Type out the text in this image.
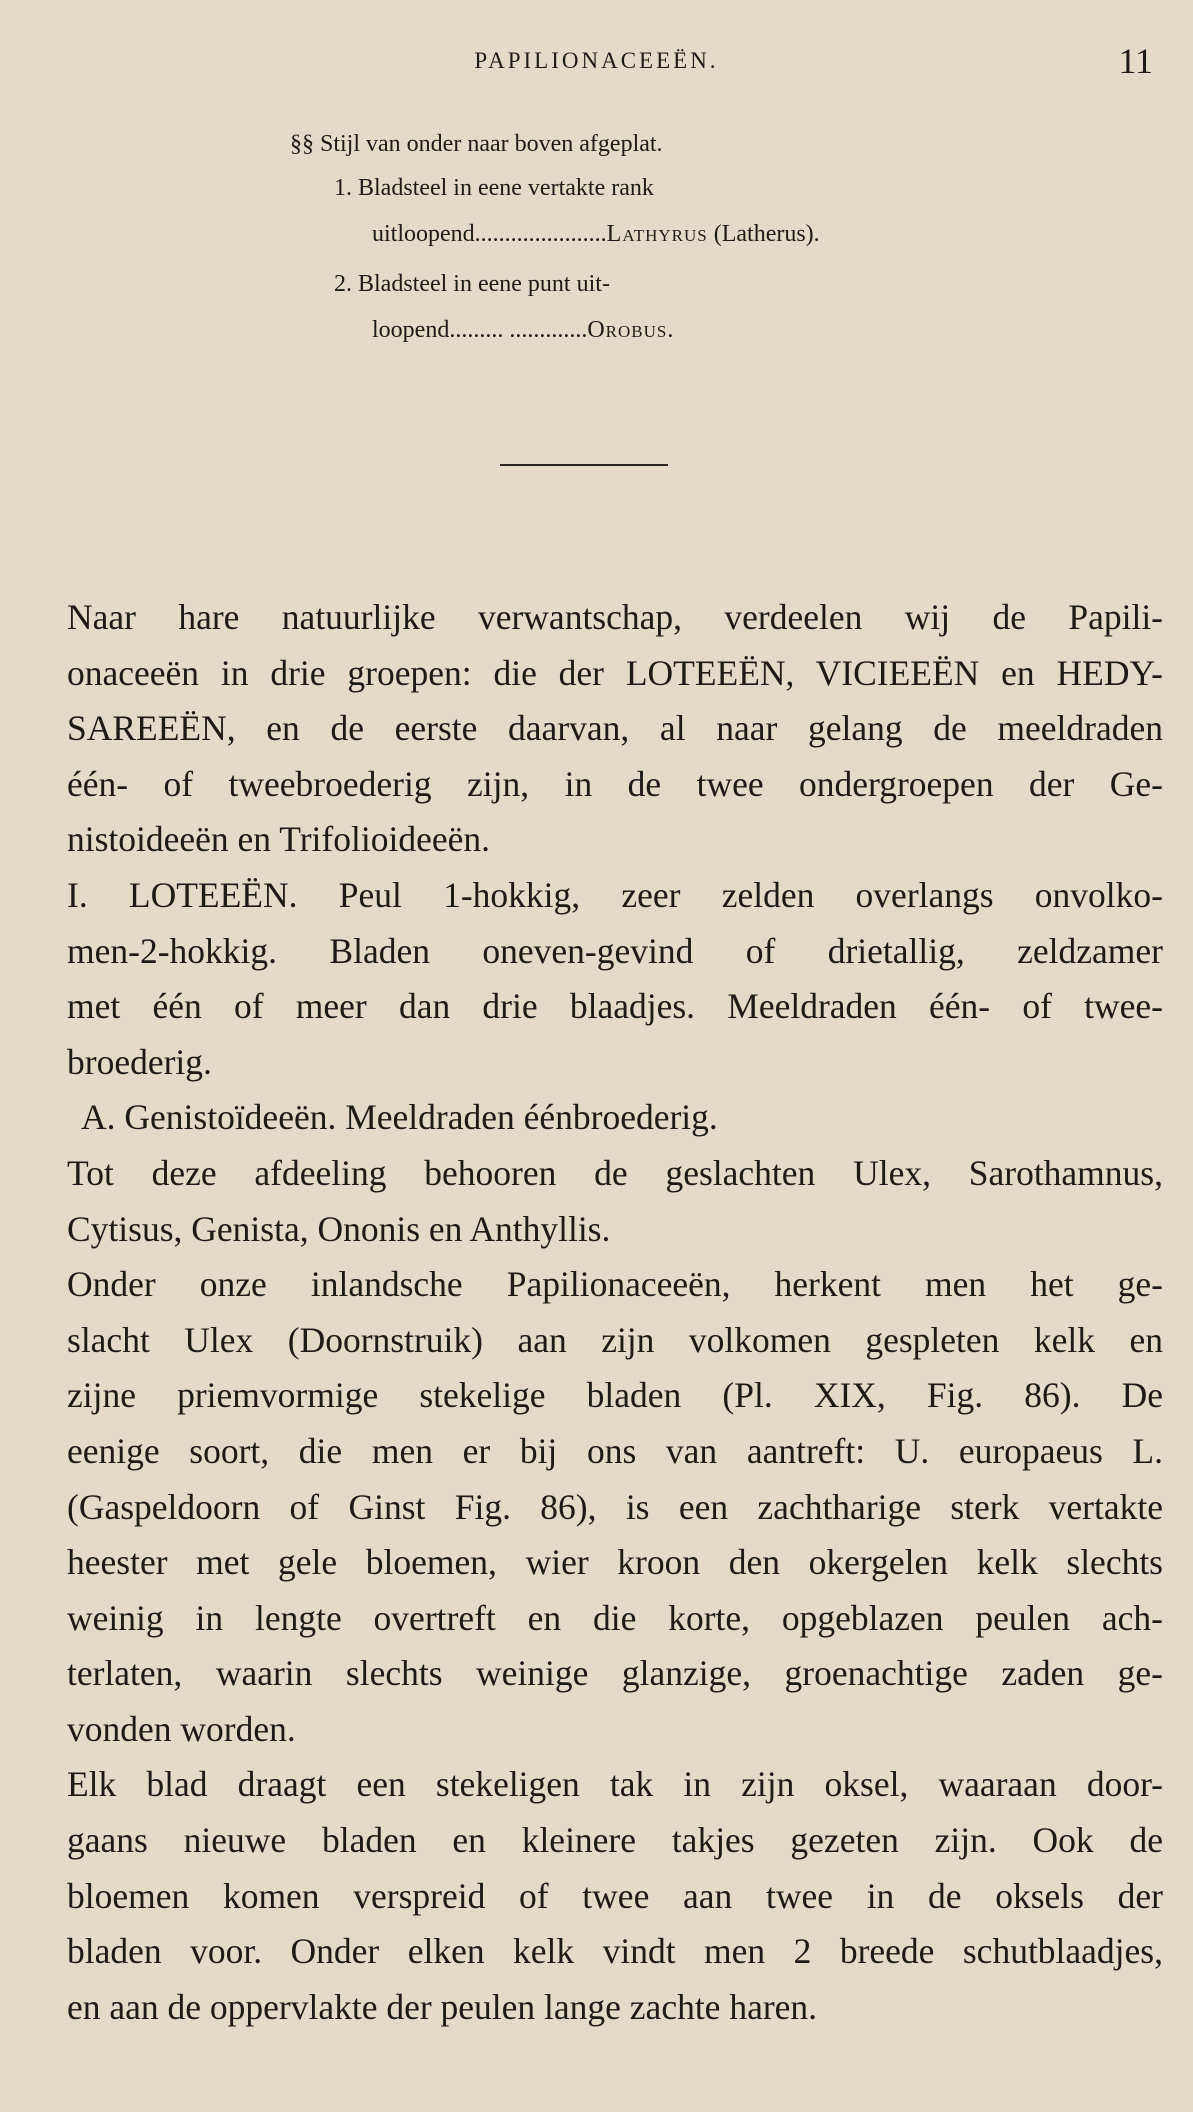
PAPILIONACEEËN.	11
§§ Stijl van onder naar boven afgeplat.
1. Bladsteel in eene vertakte rank
uitloopend......................Lathyrus (Latherus).
2. Bladsteel in eene punt uit-
loopend......... .............Orobus.

Naar hare natuurlijke verwantschap, verdeelen wij de Papili-
onaceeën in drie groepen: die der LOTEEËN, VICIEEËN en HEDY-
SAREEËN, en de eerste daarvan, al naar gelang de meeldraden
één- of tweebroederig zijn, in de twee ondergroepen der Ge-
nistoideeën en Trifolioideeën.

I. LOTEEËN. Peul 1-hokkig, zeer zelden overlangs onvolko-
men-2-hokkig. Bladen oneven-gevind of drietallig, zeldzamer
met één of meer dan drie blaadjes. Meeldraden één- of twee-
broederig.

A. Genistoïdeeën. Meeldraden éénbroederig.

Tot deze afdeeling behooren de geslachten Ulex, Sarothamnus,
Cytisus, Genista, Ononis en Anthyllis.

Onder onze inlandsche Papilionaceeën, herkent men het ge-
slacht Ulex (Doornstruik) aan zijn volkomen gespleten kelk en
zijne priemvormige stekelige bladen (Pl. XIX, Fig. 86). De
eenige soort, die men er bij ons van aantreft: U. europaeus L.
(Gaspeldoorn of Ginst Fig. 86), is een zachtharige sterk vertakte
heester met gele bloemen, wier kroon den okergelen kelk slechts
weinig in lengte overtreft en die korte, opgeblazen peulen ach-
terlaten, waarin slechts weinige glanzige, groenachtige zaden ge-
vonden worden.

Elk blad draagt een stekeligen tak in zijn oksel, waaraan door-
gaans nieuwe bladen en kleinere takjes gezeten zijn. Ook de
bloemen komen verspreid of twee aan twee in de oksels der
bladen voor. Onder elken kelk vindt men 2 breede schutblaadjes,
en aan de oppervlakte der peulen lange zachte haren.
